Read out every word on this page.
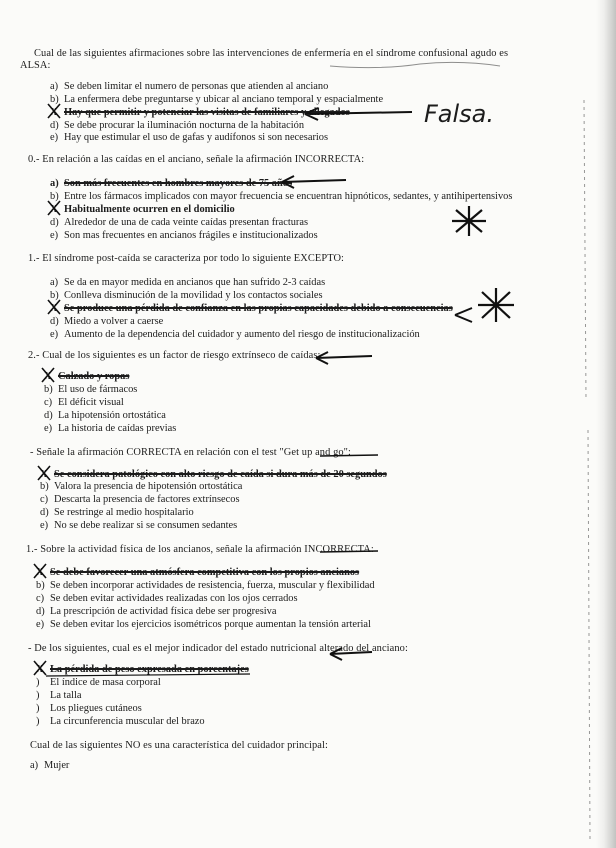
Cual de las siguientes afirmaciones sobre las intervenciones de enfermería en el síndrome confusional agudo es
ALSA:
a) Se deben limitar el numero de personas que atienden al anciano
b) La enfermera debe preguntarse y ubicar al anciano temporal y espacialmente
X Hay que permitir y potenciar las visitas de familiares y allegados
d) Se debe procurar la iluminación nocturna de la habitación
e) Hay que estimular el uso de gafas y audífonos si son necesarios
Falsa.
0.- En relación a las caídas en el anciano, señale la afirmación INCORRECTA:
a) Son más frecuentes en hombres mayores de 75 años
b) Entre los fármacos implicados con mayor frecuencia se encuentran hipnóticos, sedantes, y antihipertensivos
X Habitualmente ocurren en el domicilio
d) Alrededor de una de cada veinte caídas presentan fracturas
e) Son mas frecuentes en ancianos frágiles e institucionalizados
1.- El síndrome post-caída se caracteriza por todo lo siguiente EXCEPTO:
a) Se da en mayor medida en ancianos que han sufrido 2-3 caídas
b) Conlleva disminución de la movilidad y los contactos sociales
X Se produce una pérdida de confianza en las propias capacidades debido a consecuencias
d) Miedo a volver a caerse
e) Aumento de la dependencia del cuidador y aumento del riesgo de institucionalización
2.- Cual de los siguientes es un factor de riesgo extrínseco de caídas:
X Calzado y ropas
b) El uso de fármacos
c) El déficit visual
d) La hipotensión ortostática
e) La historia de caídas previas
- Señale la afirmación CORRECTA en relación con el test "Get up and go":
X Se considera patológico con alto riesgo de caída si dura más de 20 segundos
b) Valora la presencia de hipotensión ortostática
c) Descarta la presencia de factores extrínsecos
d) Se restringe al medio hospitalario
e) No se debe realizar si se consumen sedantes
1.- Sobre la actividad física de los ancianos, señale la afirmación INCORRECTA:
X Se debe favorecer una atmósfera competitiva con los propios ancianos
b) Se deben incorporar actividades de resistencia, fuerza, muscular y flexibilidad
c) Se deben evitar actividades realizadas con los ojos cerrados
d) La prescripción de actividad física debe ser progresiva
e) Se deben evitar los ejercicios isométricos porque aumentan la tensión arterial
- De los siguientes, cual es el mejor indicador del estado nutricional alterado del anciano:
X La pérdida de peso expresada en porcentajes
) El índice de masa corporal
) La talla
) Los pliegues cutáneos
) La circunferencia muscular del brazo
Cual de las siguientes NO es una característica del cuidador principal:
a) Mujer
